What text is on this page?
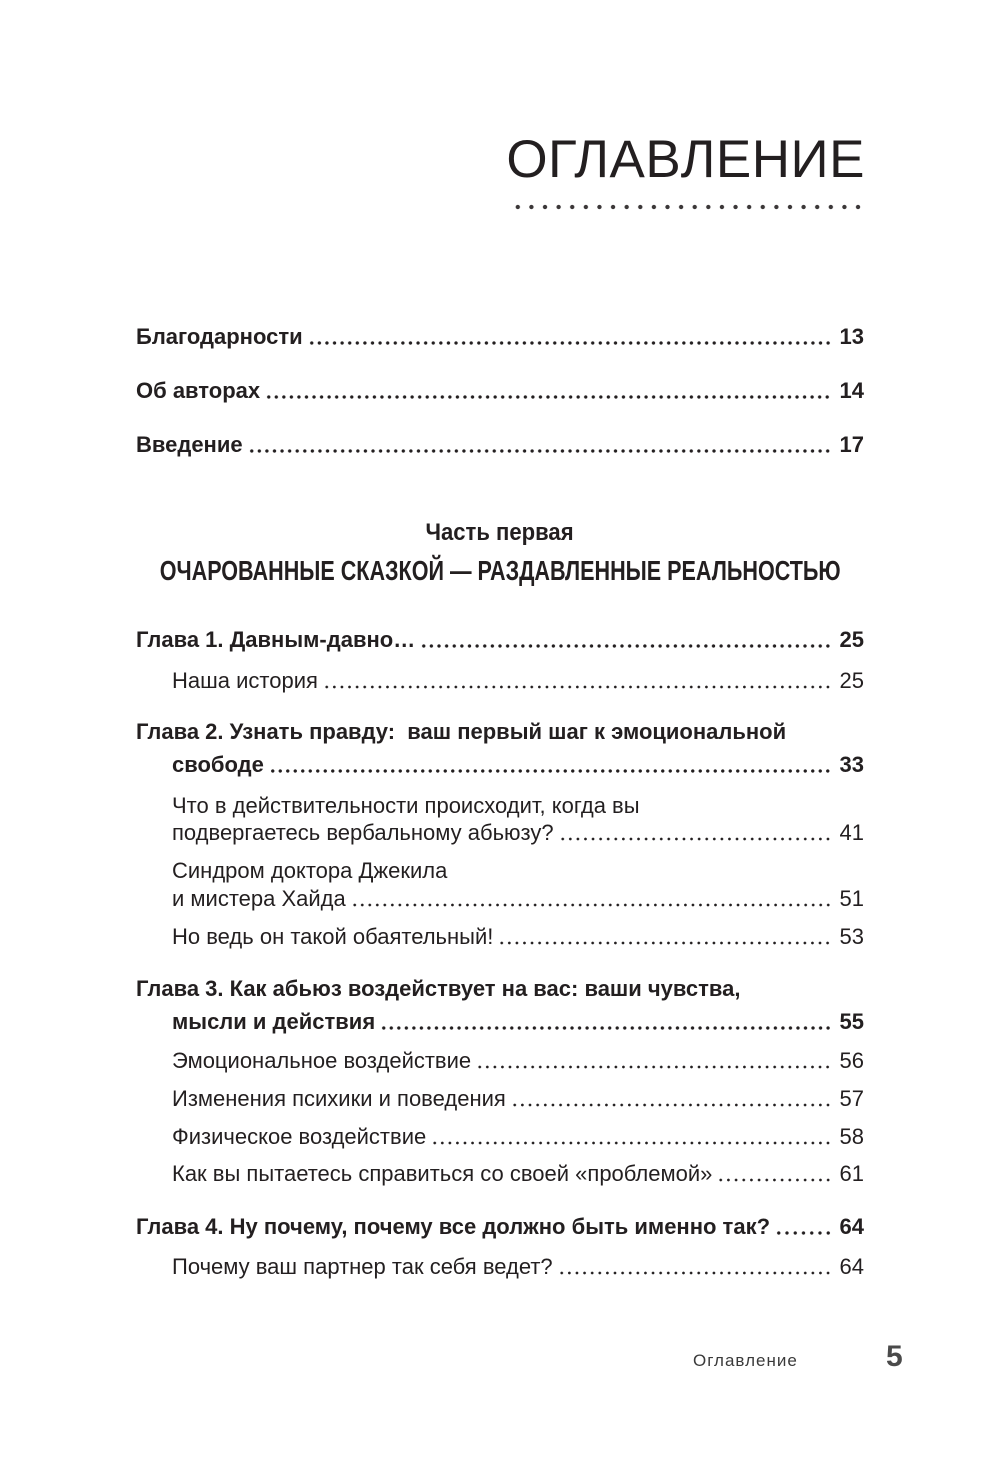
ОГЛАВЛЕНИЕ
Благодарности	13
Об авторах	14
Введение	17
Часть первая
ОЧАРОВАННЫЕ СКАЗКОЙ — РАЗДАВЛЕННЫЕ РЕАЛЬНОСТЬЮ
Глава 1. Давным-давно…	25
Наша история	25
Глава 2. Узнать правду:  ваш первый шаг к эмоциональной
свободе	33
Что в действительности происходит, когда вы
подвергаетесь вербальному абьюзу?	41
Синдром доктора Джекила
и мистера Хайда	51
Но ведь он такой обаятельный!	53
Глава 3. Как абьюз воздействует на вас: ваши чувства,
мысли и действия	55
Эмоциональное воздействие	56
Изменения психики и поведения	57
Физическое воздействие	58
Как вы пытаетесь справиться со своей «проблемой»	61
Глава 4. Ну почему, почему все должно быть именно так?	64
Почему ваш партнер так себя ведет?	64
Оглавление	5
